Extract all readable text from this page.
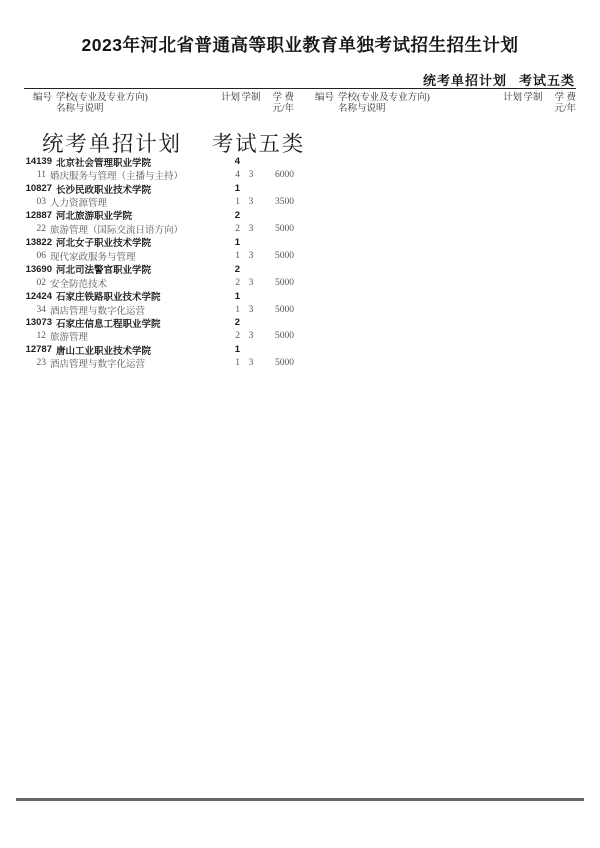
2023年河北省普通高等职业教育单独考试招生招生计划
统考单招计划 考试五类
编号 学校(专业及专业方向)
名称与说明
计划 学制	学 费
元/年
编号 学校(专业及专业方向)
名称与说明
计划 学制	学 费
元/年
统考单招计划 考试五类
14139 北京社会管理职业学院	4
11 婚庆服务与管理（主播与主持）	4 3	6000
10827 长沙民政职业技术学院	1
03 人力资源管理	1 3	3500
12887 河北旅游职业学院	2
22 旅游管理（国际交流日语方向）	2 3	5000
13822 河北女子职业技术学院	1
06 现代家政服务与管理	1 3	5000
13690 河北司法警官职业学院	2
02 安全防范技术	2 3	5000
12424 石家庄铁路职业技术学院	1
34 酒店管理与数字化运营	1 3	5000
13073 石家庄信息工程职业学院	2
12 旅游管理	2 3	5000
12787 唐山工业职业技术学院	1
23 酒店管理与数字化运营	1 3	5000
